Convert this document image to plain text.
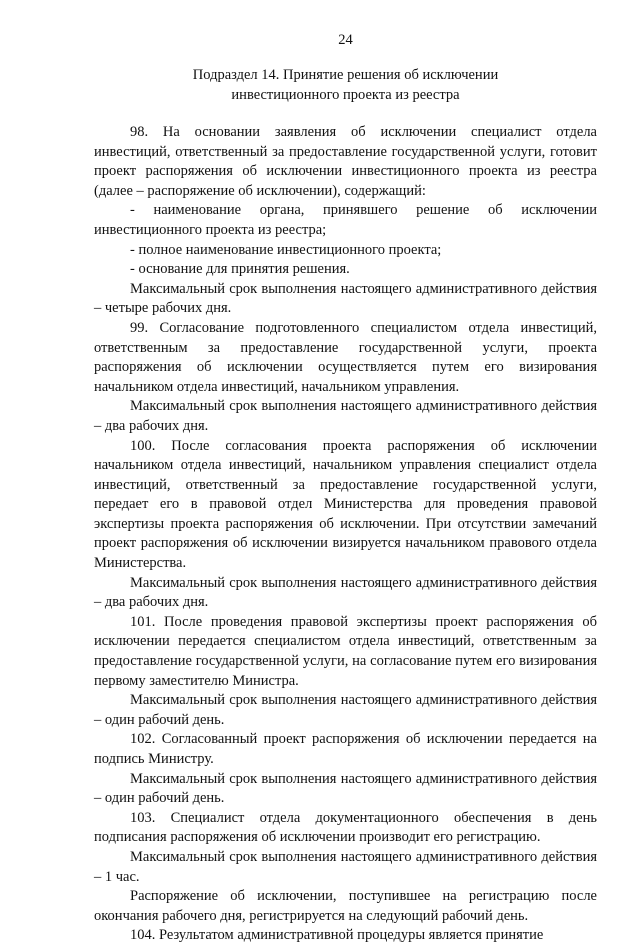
24
Подраздел 14. Принятие решения об исключении
инвестиционного проекта из реестра

98. На основании заявления об исключении специалист отдела инвестиций, ответственный за предоставление государственной услуги, готовит проект распоряжения об исключении инвестиционного проекта из реестра (далее – распоряжение об исключении), содержащий:

- наименование органа, принявшего решение об исключении инвестиционного проекта из реестра;

- полное наименование инвестиционного проекта;

- основание для принятия решения.

Максимальный срок выполнения настоящего административного действия – четыре рабочих дня.

99. Согласование подготовленного специалистом отдела инвестиций, ответственным за предоставление государственной услуги, проекта распоряжения об исключении осуществляется путем его визирования начальником отдела инвестиций, начальником управления.

Максимальный срок выполнения настоящего административного действия – два рабочих дня.

100. После согласования проекта распоряжения об исключении начальником отдела инвестиций, начальником управления специалист отдела инвестиций, ответственный за предоставление государственной услуги, передает его в правовой отдел Министерства для проведения правовой экспертизы проекта распоряжения об исключении. При отсутствии замечаний проект распоряжения об исключении визируется начальником правового отдела Министерства.

Максимальный срок выполнения настоящего административного действия – два рабочих дня.

101. После проведения правовой экспертизы проект распоряжения об исключении передается специалистом отдела инвестиций, ответственным за предоставление государственной услуги, на согласование путем его визирования первому заместителю Министра.

Максимальный срок выполнения настоящего административного действия – один рабочий день.

102. Согласованный проект распоряжения об исключении передается на подпись Министру.

Максимальный срок выполнения настоящего административного действия – один рабочий день.

103. Специалист отдела документационного обеспечения в день подписания распоряжения об исключении производит его регистрацию.

Максимальный срок выполнения настоящего административного действия – 1 час.

Распоряжение об исключении, поступившее на регистрацию после окончания рабочего дня, регистрируется на следующий рабочий день.

104. Результатом административной процедуры является принятие
